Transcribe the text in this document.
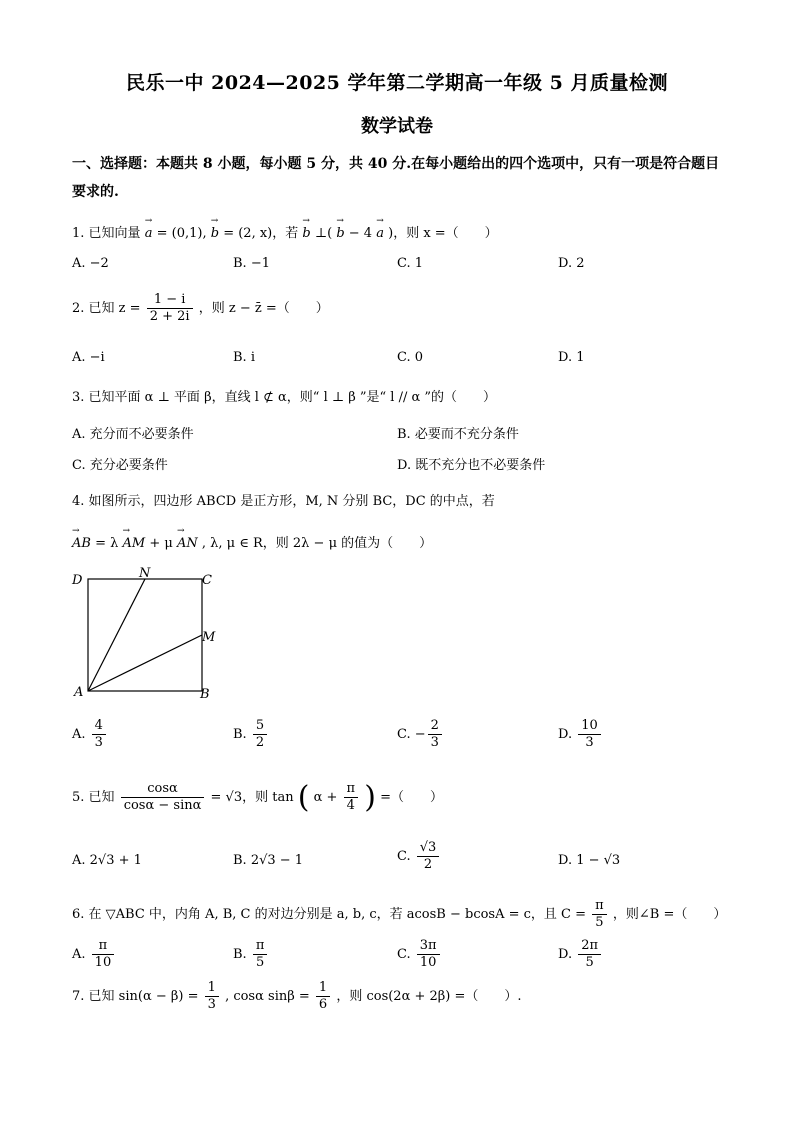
民乐一中 2024—2025 学年第二学期高一年级 5 月质量检测
数学试卷
一、选择题：本题共 8 小题，每小题 5 分，共 40 分.在每小题给出的四个选项中，只有一项是符合题目要求的.
1. 已知向量 → a = (0,1), → b = (2, x)，若 → b ⊥( → b − 4 → a )，则 x =（　　）
A. −2	B. −1	C. 1	D. 2
2. 已知 $z = \frac{1 - i}{2 + 2i}$ ，则 z − z̄ =（　　）
A. −i	B. i	C. 0	D. 1
3. 已知平面 α ⊥ 平面 β，直线 l ⊄ α，则“ l ⊥ β ”是“ l // α ”的（　　）
A. 充分而不必要条件	B. 必要而不充分条件
C. 充分必要条件	D. 既不充分也不必要条件
4. 如图所示，四边形 ABCD 是正方形，M, N 分别 BC，DC 的中点，若
→ AB = λ → AM + μ → AN , λ, μ ∈ R，则 2λ − μ 的值为（　　）
D	N	C
M
A	B
A. $\frac{4}{3}$	B. $\frac{5}{2}$	C. − $\frac{2}{3}$	D. $\frac{10}{3}$
5. 已知 $\frac{\cos\alpha}{\cos\alpha - \sin\alpha} = √3$，则 tan ( $\alpha + \frac{\pi}{4}$ ) =（　　）
A. 2√3 + 1	B. 2√3 − 1	C. $\frac{√3}{2}$	D. 1 − √3
6. 在 ▽ABC 中，内角 A, B, C 的对边分别是 a, b, c，若 acosB − bcosA = c，且 $C = \frac{\pi}{5}$ ，则∠B =（　　）
A. $\frac{\pi}{10}$	B. $\frac{\pi}{5}$	C. $\frac{3\pi}{10}$	D. $\frac{2\pi}{5}$
7. 已知 $\sin(\alpha - \beta) = \frac{1}{3}$ , cosα $\sin\beta = \frac{1}{6}$ ，则 cos(2α + 2β) =（　　）.
